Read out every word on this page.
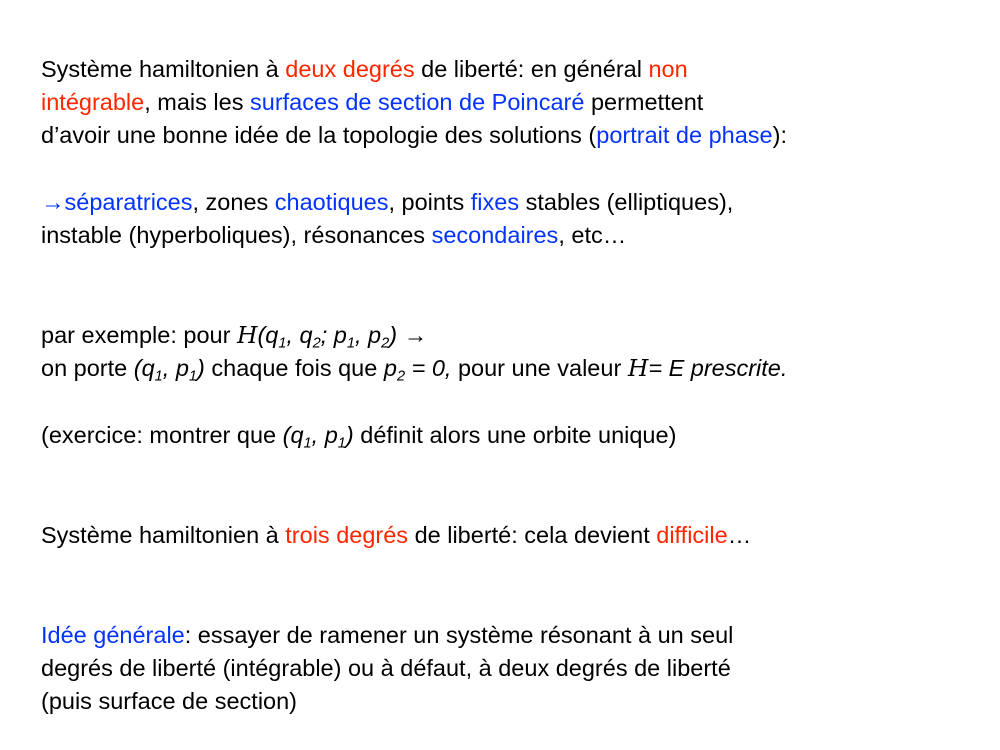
Système hamiltonien à deux degrés de liberté: en général non
intégrable, mais les surfaces de section de Poincaré permettent
d’avoir une bonne idée de la topologie des solutions (portrait de phase):
→séparatrices, zones chaotiques, points fixes stables (elliptiques),
instable (hyperboliques), résonances secondaires, etc…
par exemple: pour $H(q_1$, $q_2$; $p_1$, $p_2$) →
on porte ($q_1$, $p_1$) chaque fois que $p_2 = 0$, pour une valeur H= E prescrite.
(exercice: montrer que ($q_1$, $p_1$) définit alors une orbite unique)
Système hamiltonien à trois degrés de liberté: cela devient difficile…
Idée générale: essayer de ramener un système résonant à un seul
degrés de liberté (intégrable) ou à défaut, à deux degrés de liberté
(puis surface de section)
